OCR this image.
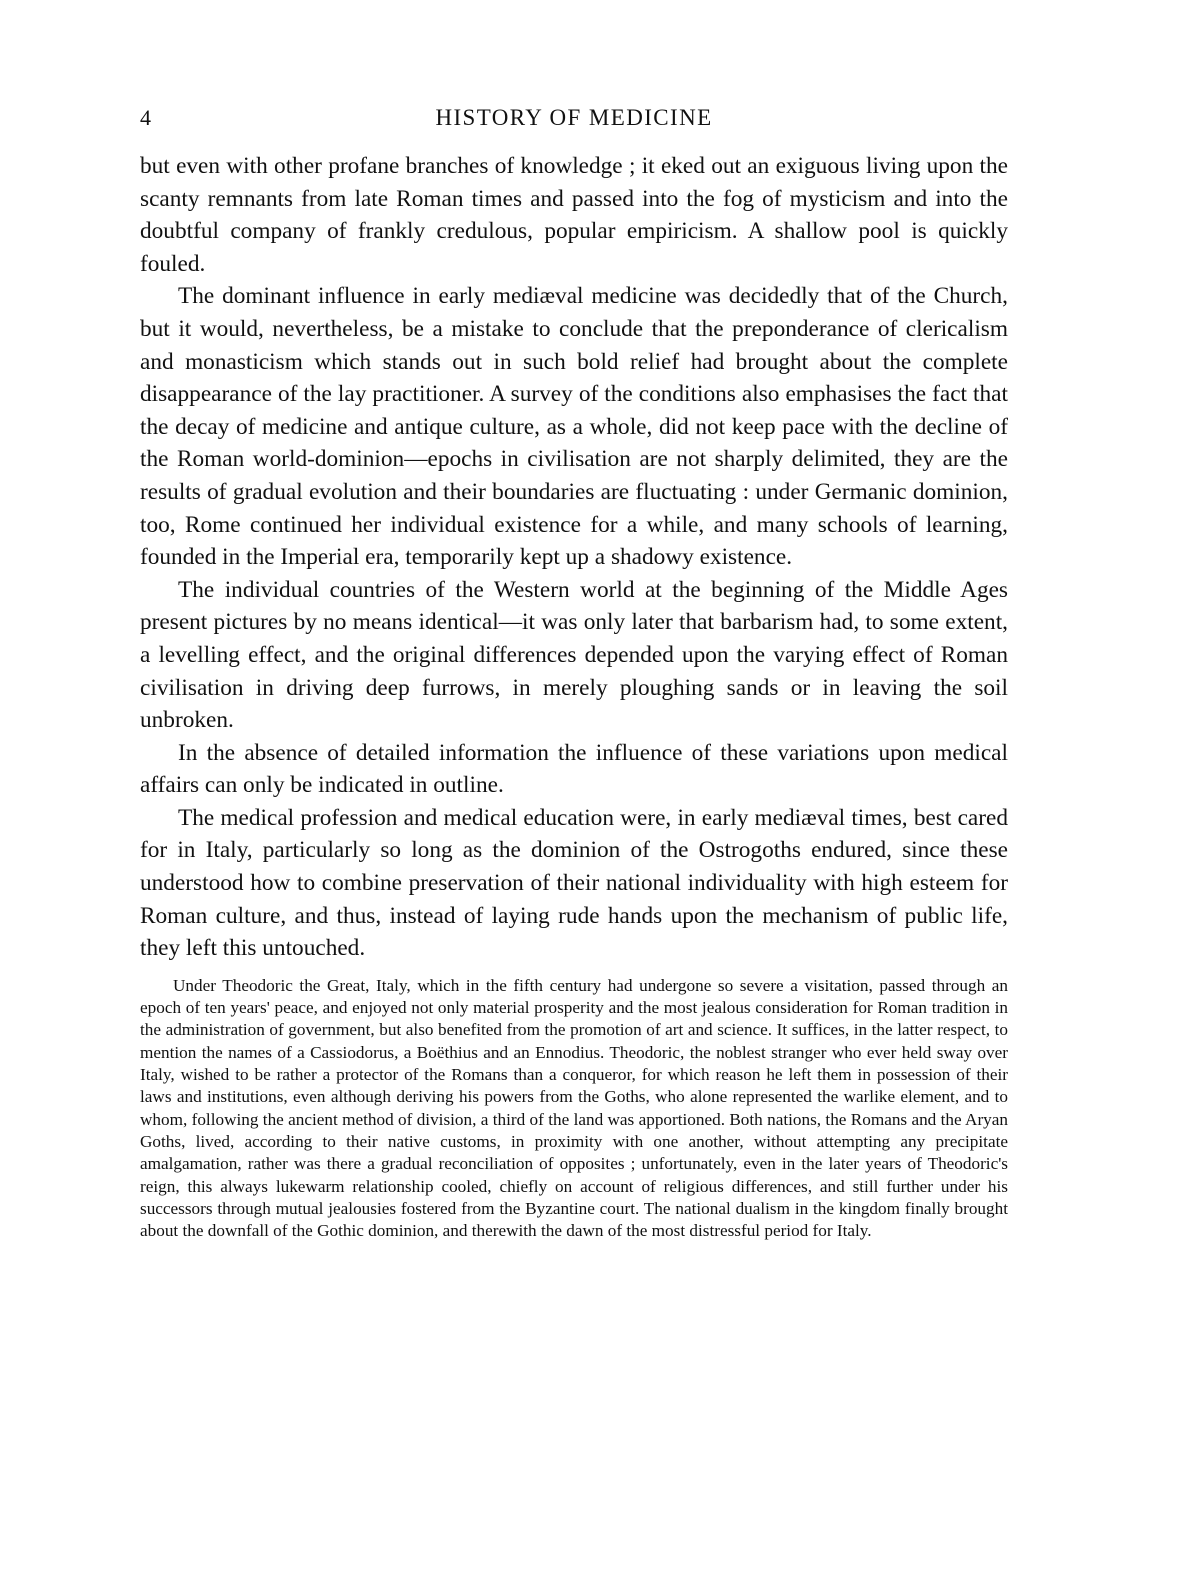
HISTORY OF MEDICINE
4

but even with other profane branches of knowledge ; it eked out an exiguous living upon the scanty remnants from late Roman times and passed into the fog of mysticism and into the doubtful company of frankly credulous, popular empiricism. A shallow pool is quickly fouled.

The dominant influence in early mediæval medicine was decidedly that of the Church, but it would, nevertheless, be a mistake to conclude that the preponderance of clericalism and monasticism which stands out in such bold relief had brought about the complete disappearance of the lay practitioner. A survey of the conditions also emphasises the fact that the decay of medicine and antique culture, as a whole, did not keep pace with the decline of the Roman world-dominion—epochs in civilisation are not sharply delimited, they are the results of gradual evolution and their boundaries are fluctuating : under Germanic dominion, too, Rome continued her individual existence for a while, and many schools of learning, founded in the Imperial era, temporarily kept up a shadowy existence.

The individual countries of the Western world at the beginning of the Middle Ages present pictures by no means identical—it was only later that barbarism had, to some extent, a levelling effect, and the original differences depended upon the varying effect of Roman civilisation in driving deep furrows, in merely ploughing sands or in leaving the soil unbroken.

In the absence of detailed information the influence of these variations upon medical affairs can only be indicated in outline.

The medical profession and medical education were, in early mediæval times, best cared for in Italy, particularly so long as the dominion of the Ostrogoths endured, since these understood how to combine preservation of their national individuality with high esteem for Roman culture, and thus, instead of laying rude hands upon the mechanism of public life, they left this untouched.

Under Theodoric the Great, Italy, which in the fifth century had undergone so severe a visitation, passed through an epoch of ten years' peace, and enjoyed not only material prosperity and the most jealous consideration for Roman tradition in the administration of government, but also benefited from the promotion of art and science. It suffices, in the latter respect, to mention the names of a Cassiodorus, a Boëthius and an Ennodius. Theodoric, the noblest stranger who ever held sway over Italy, wished to be rather a protector of the Romans than a conqueror, for which reason he left them in possession of their laws and institutions, even although deriving his powers from the Goths, who alone represented the warlike element, and to whom, following the ancient method of division, a third of the land was apportioned. Both nations, the Romans and the Aryan Goths, lived, according to their native customs, in proximity with one another, without attempting any precipitate amalgamation, rather was there a gradual reconciliation of opposites ; unfortunately, even in the later years of Theodoric's reign, this always lukewarm relationship cooled, chiefly on account of religious differences, and still further under his successors through mutual jealousies fostered from the Byzantine court. The national dualism in the kingdom finally brought about the downfall of the Gothic dominion, and therewith the dawn of the most distressful period for Italy.
